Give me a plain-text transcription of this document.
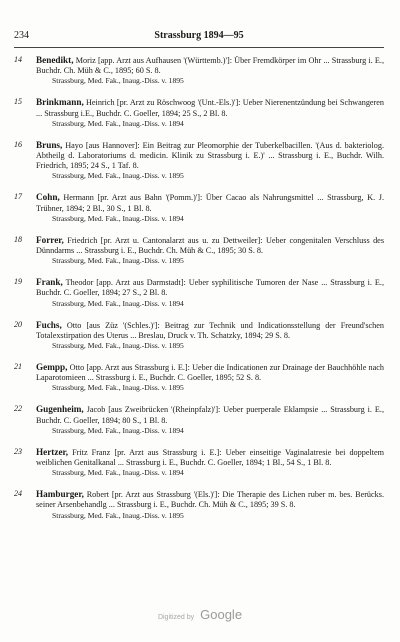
234	Strassburg 1894—95
14	Benedikt, Moriz [app. Arzt aus Aufhausen '(Württemb.)']: Über Fremdkörper im Ohr ... Strassburg i. E., Buchdr. Ch. Müh & C., 1895; 60 S. 8.
Strassburg, Med. Fak., Inaug.-Diss. v. 1895
15	Brinkmann, Heinrich [pr. Arzt zu Röschwoog '(Unt.-Els.)']: Ueber Nierenentzündung bei Schwangeren ... Strassburg i.E., Buchdr. C. Goeller, 1894; 25 S., 2 Bl. 8.
Strassburg, Med. Fak., Inaug.-Diss. v. 1894
16	Bruns, Hayo [aus Hannover]: Ein Beitrag zur Pleomorphie der Tuberkelbacillen. '(Aus d. bakteriolog. Abtheilg d. Laboratoriums d. medicin. Klinik zu Strassburg i. E.)' ... Strassburg i. E., Buchdr. Wilh. Friedrich, 1895; 24 S., 1 Taf. 8.
Strassburg, Med. Fak., Inaug.-Diss. v. 1895
17	Cohn, Hermann [pr. Arzt aus Bahn '(Pomm.)']: Über Cacao als Nahrungsmittel ... Strassburg, K. J. Trübner, 1894; 2 Bl., 30 S., 1 Bl. 8.
Strassburg, Med. Fak., Inaug.-Diss. v. 1894
18	Forrer, Friedrich [pr. Arzt u. Cantonalarzt aus u. zu Dettweiler]: Ueber congenitalen Verschluss des Dünndarms ... Strassburg i. E., Buchdr. Ch. Müh & C., 1895; 30 S. 8.
Strassburg, Med. Fak., Inaug.-Diss. v. 1895
19	Frank, Theodor [app. Arzt aus Darmstadt]: Ueber syphilitische Tumoren der Nase ... Strassburg i. E., Buchdr. C. Goeller, 1894; 27 S., 2 Bl. 8.
Strassburg, Med. Fak., Inaug.-Diss. v. 1894
20	Fuchs, Otto [aus Züz '(Schles.)']: Beitrag zur Technik und Indicationsstellung der Freund'schen Totalexstirpation des Uterus ... Breslau, Druck v. Th. Schatzky, 1894; 29 S. 8.
Strassburg, Med. Fak., Inaug.-Diss. v. 1895
21	Gempp, Otto [app. Arzt aus Strassburg i. E.]: Ueber die Indicationen zur Drainage der Bauchhöhle nach Laparotomieen ... Strassburg i. E., Buchdr. C. Goeller, 1895; 52 S. 8.
Strassburg, Med. Fak., Inaug.-Diss. v. 1895
22	Gugenheim, Jacob [aus Zweibrücken '(Rheinpfalz)']: Ueber puerperale Eklampsie ... Strassburg i. E., Buchdr. C. Goeller, 1894; 80 S., 1 Bl. 8.
Strassburg, Med. Fak., Inaug.-Diss. v. 1894
23	Hertzer, Fritz Franz [pr. Arzt aus Strassburg i. E.]: Ueber einseitige Vaginalatresie bei doppeltem weiblichen Genitalkanal ... Strassburg i. E., Buchdr. C. Goeller, 1894; 1 Bl., 54 S., 1 Bl. 8.
Strassburg, Med. Fak., Inaug.-Diss. v. 1894
24	Hamburger, Robert [pr. Arzt aus Strassburg '(Els.)']: Die Therapie des Lichen ruber m. bes. Berücks. seiner Arsenbehandlg ... Strassburg i. E., Buchdr. Ch. Müh & C., 1895; 39 S. 8.
Strassburg, Med. Fak., Inaug.-Diss. v. 1895
Digitized by Google
